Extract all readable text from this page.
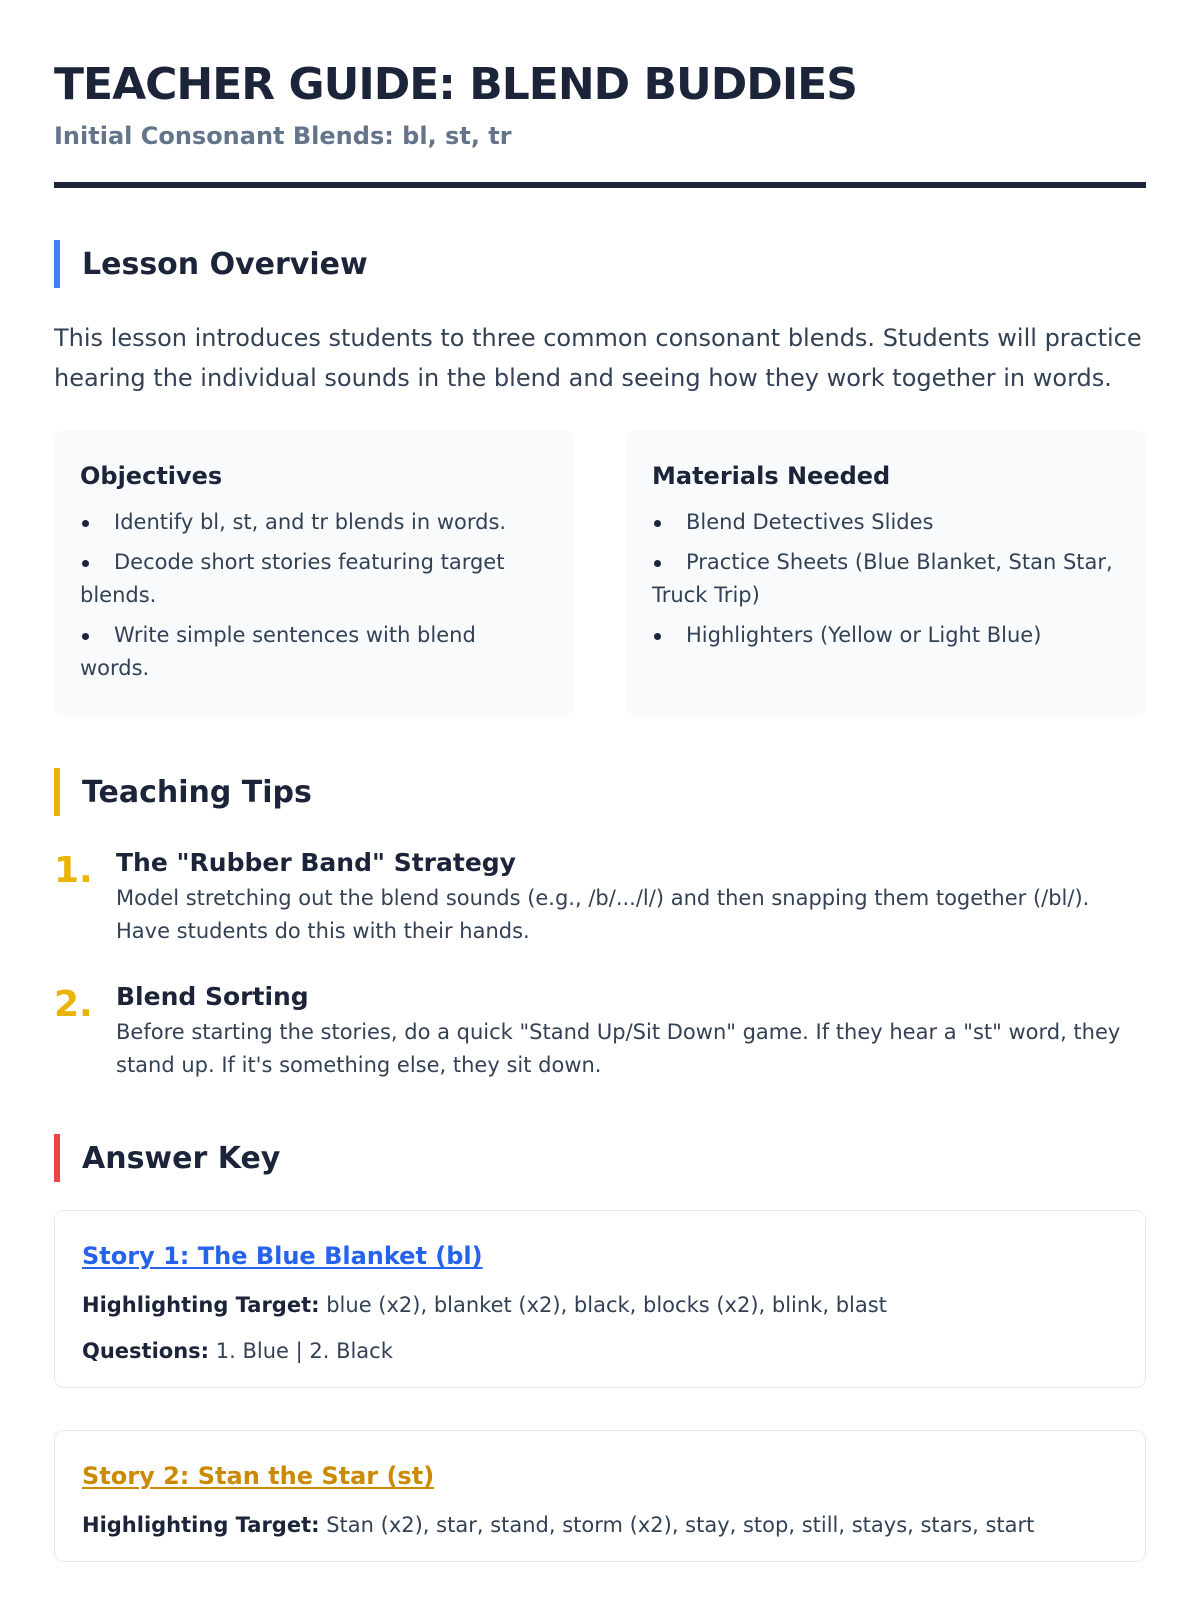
TEACHER GUIDE: BLEND BUDDIES
Initial Consonant Blends: bl, st, tr
Lesson Overview

This lesson introduces students to three common consonant blends. Students will practice hearing the individual sounds in the blend and seeing how they work together in words.

Objectives
Identify bl, st, and tr blends in words.
Decode short stories featuring target blends.
Write simple sentences with blend words.
Materials Needed
Blend Detectives Slides
Practice Sheets (Blue Blanket, Stan Star, Truck Trip)
Highlighters (Yellow or Light Blue)
Teaching Tips
1. The "Rubber Band" Strategy
Model stretching out the blend sounds (e.g., /b/.../l/) and then snapping them together (/bl/). Have students do this with their hands.
2. Blend Sorting
Before starting the stories, do a quick "Stand Up/Sit Down" game. If they hear a "st" word, they stand up. If it's something else, they sit down.
Answer Key
Story 1: The Blue Blanket (bl)
Highlighting Target: blue (x2), blanket (x2), black, blocks (x2), blink, blast
Questions: 1. Blue | 2. Black
Story 2: Stan the Star (st)
Highlighting Target: Stan (x2), star, stand, storm (x2), stay, stop, still, stays, stars, start
